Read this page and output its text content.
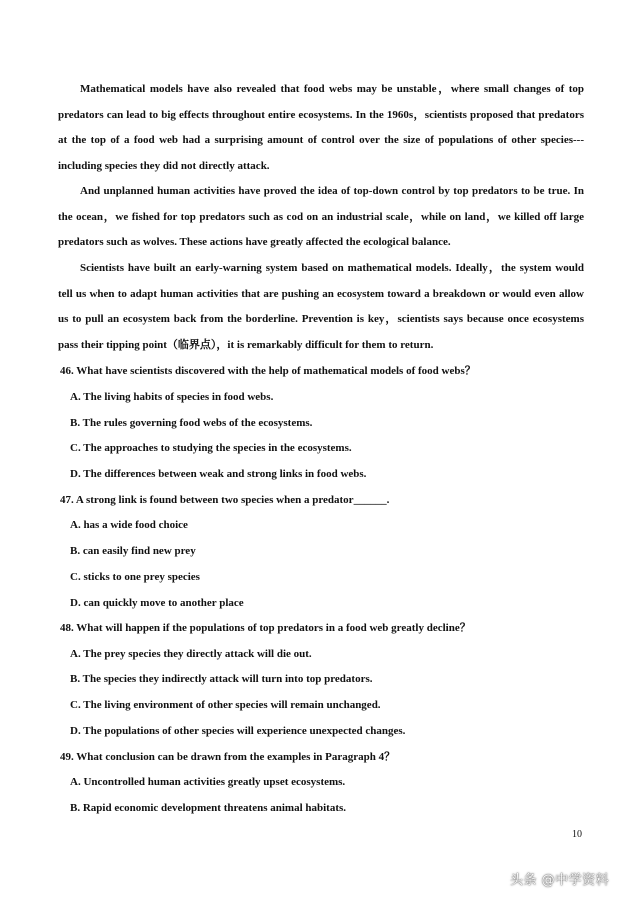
Mathematical models have also revealed that food webs may be unstable，where small changes of top predators can lead to big effects throughout entire ecosystems. In the 1960s，scientists proposed that predators at the top of a food web had a surprising amount of control over the size of populations of other species---including species they did not directly attack.

And unplanned human activities have proved the idea of top-down control by top predators to be true. In the ocean，we fished for top predators such as cod on an industrial scale，while on land，we killed off large predators such as wolves. These actions have greatly affected the ecological balance.

Scientists have built an early-warning system based on mathematical models. Ideally，the system would tell us when to adapt human activities that are pushing an ecosystem toward a breakdown or would even allow us to pull an ecosystem back from the borderline. Prevention is key，scientists says because once ecosystems pass their tipping point（临界点），it is remarkably difficult for them to return.

46. What have scientists discovered with the help of mathematical models of food webs？

A. The living habits of species in food webs.

B. The rules governing food webs of the ecosystems.

C. The approaches to studying the species in the ecosystems.

D. The differences between weak and strong links in food webs.

47. A strong link is found between two species when a predator______.

A. has a wide food choice

B. can easily find new prey

C. sticks to one prey species

D. can quickly move to another place

48. What will happen if the populations of top predators in a food web greatly decline？

A. The prey species they directly attack will die out.

B. The species they indirectly attack will turn into top predators.

C. The living environment of other species will remain unchanged.

D. The populations of other species will experience unexpected changes.

49. What conclusion can be drawn from the examples in Paragraph 4？

A. Uncontrolled human activities greatly upset ecosystems.

B. Rapid economic development threatens animal habitats.

10
头条 @中学资料
